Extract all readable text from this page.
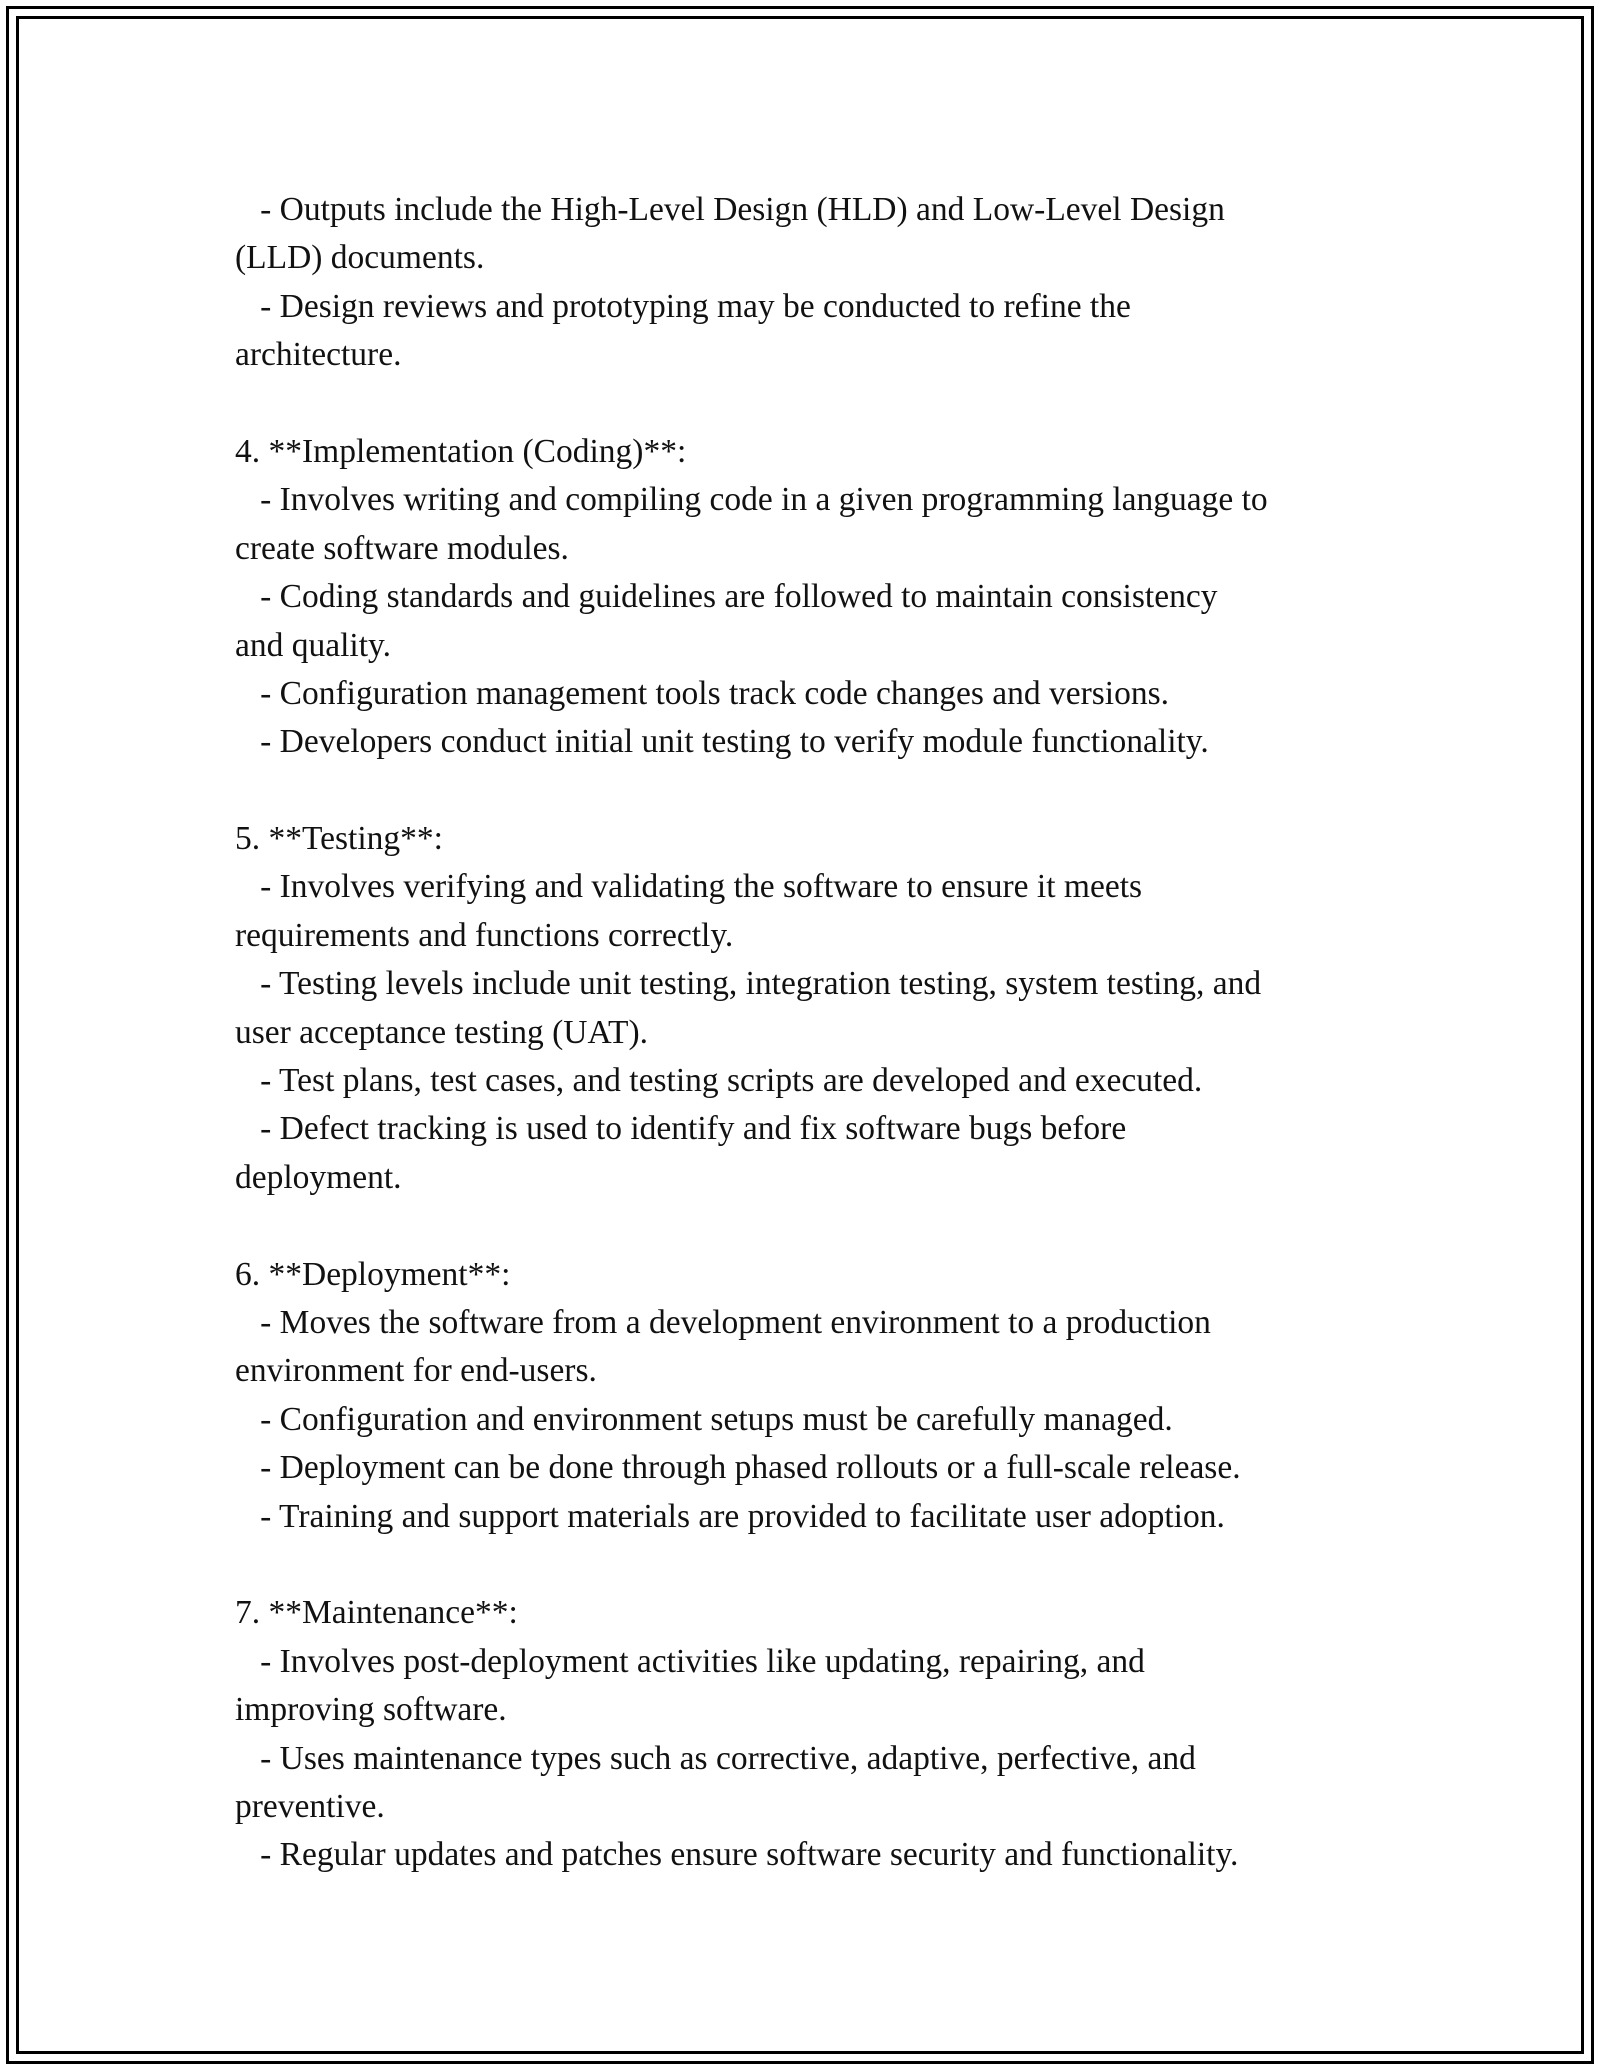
- Outputs include the High-Level Design (HLD) and Low-Level Design
(LLD) documents.
- Design reviews and prototyping may be conducted to refine the
architecture.
4. **Implementation (Coding)**:
- Involves writing and compiling code in a given programming language to
create software modules.
- Coding standards and guidelines are followed to maintain consistency
and quality.
- Configuration management tools track code changes and versions.
- Developers conduct initial unit testing to verify module functionality.
5. **Testing**:
- Involves verifying and validating the software to ensure it meets
requirements and functions correctly.
- Testing levels include unit testing, integration testing, system testing, and
user acceptance testing (UAT).
- Test plans, test cases, and testing scripts are developed and executed.
- Defect tracking is used to identify and fix software bugs before
deployment.
6. **Deployment**:
- Moves the software from a development environment to a production
environment for end-users.
- Configuration and environment setups must be carefully managed.
- Deployment can be done through phased rollouts or a full-scale release.
- Training and support materials are provided to facilitate user adoption.
7. **Maintenance**:
- Involves post-deployment activities like updating, repairing, and
improving software.
- Uses maintenance types such as corrective, adaptive, perfective, and
preventive.
- Regular updates and patches ensure software security and functionality.
